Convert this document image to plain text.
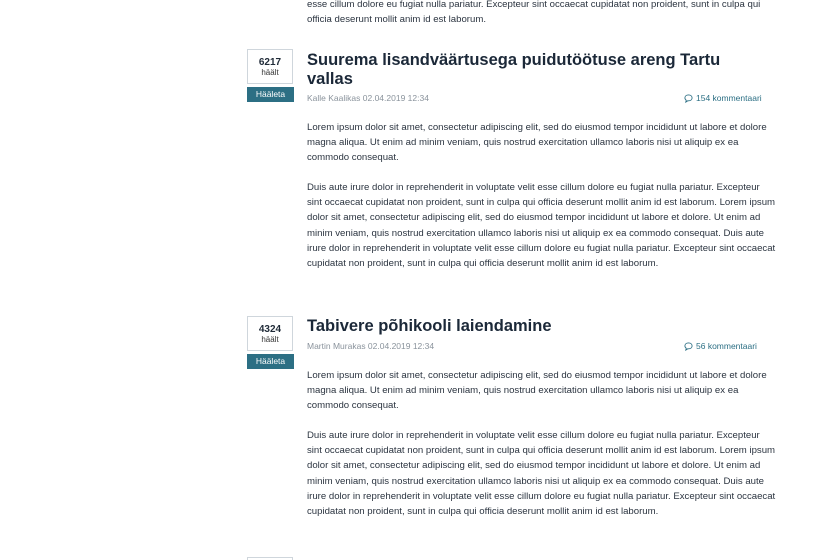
esse cillum dolore eu fugiat nulla pariatur. Excepteur sint occaecat cupidatat non proident, sunt in culpa qui officia deserunt mollit anim id est laborum.

6217
häält
Hääleta
Suurema lisandväärtusega puidutöötuse areng Tartu vallas
Kalle Kaalikas 02.04.2019 12:34	154 kommentaari

Lorem ipsum dolor sit amet, consectetur adipiscing elit, sed do eiusmod tempor incididunt ut labore et dolore magna aliqua. Ut enim ad minim veniam, quis nostrud exercitation ullamco laboris nisi ut aliquip ex ea commodo consequat.

Duis aute irure dolor in reprehenderit in voluptate velit esse cillum dolore eu fugiat nulla pariatur. Excepteur sint occaecat cupidatat non proident, sunt in culpa qui officia deserunt mollit anim id est laborum. Lorem ipsum dolor sit amet, consectetur adipiscing elit, sed do eiusmod tempor incididunt ut labore et dolore. Ut enim ad minim veniam, quis nostrud exercitation ullamco laboris nisi ut aliquip ex ea commodo consequat. Duis aute irure dolor in reprehenderit in voluptate velit esse cillum dolore eu fugiat nulla pariatur. Excepteur sint occaecat cupidatat non proident, sunt in culpa qui officia deserunt mollit anim id est laborum.

4324
häält
Hääleta
Tabivere põhikooli laiendamine
Martin Murakas 02.04.2019 12:34	56 kommentaari

Lorem ipsum dolor sit amet, consectetur adipiscing elit, sed do eiusmod tempor incididunt ut labore et dolore magna aliqua. Ut enim ad minim veniam, quis nostrud exercitation ullamco laboris nisi ut aliquip ex ea commodo consequat.

Duis aute irure dolor in reprehenderit in voluptate velit esse cillum dolore eu fugiat nulla pariatur. Excepteur sint occaecat cupidatat non proident, sunt in culpa qui officia deserunt mollit anim id est laborum. Lorem ipsum dolor sit amet, consectetur adipiscing elit, sed do eiusmod tempor incididunt ut labore et dolore. Ut enim ad minim veniam, quis nostrud exercitation ullamco laboris nisi ut aliquip ex ea commodo consequat. Duis aute irure dolor in reprehenderit in voluptate velit esse cillum dolore eu fugiat nulla pariatur. Excepteur sint occaecat cupidatat non proident, sunt in culpa qui officia deserunt mollit anim id est laborum.
